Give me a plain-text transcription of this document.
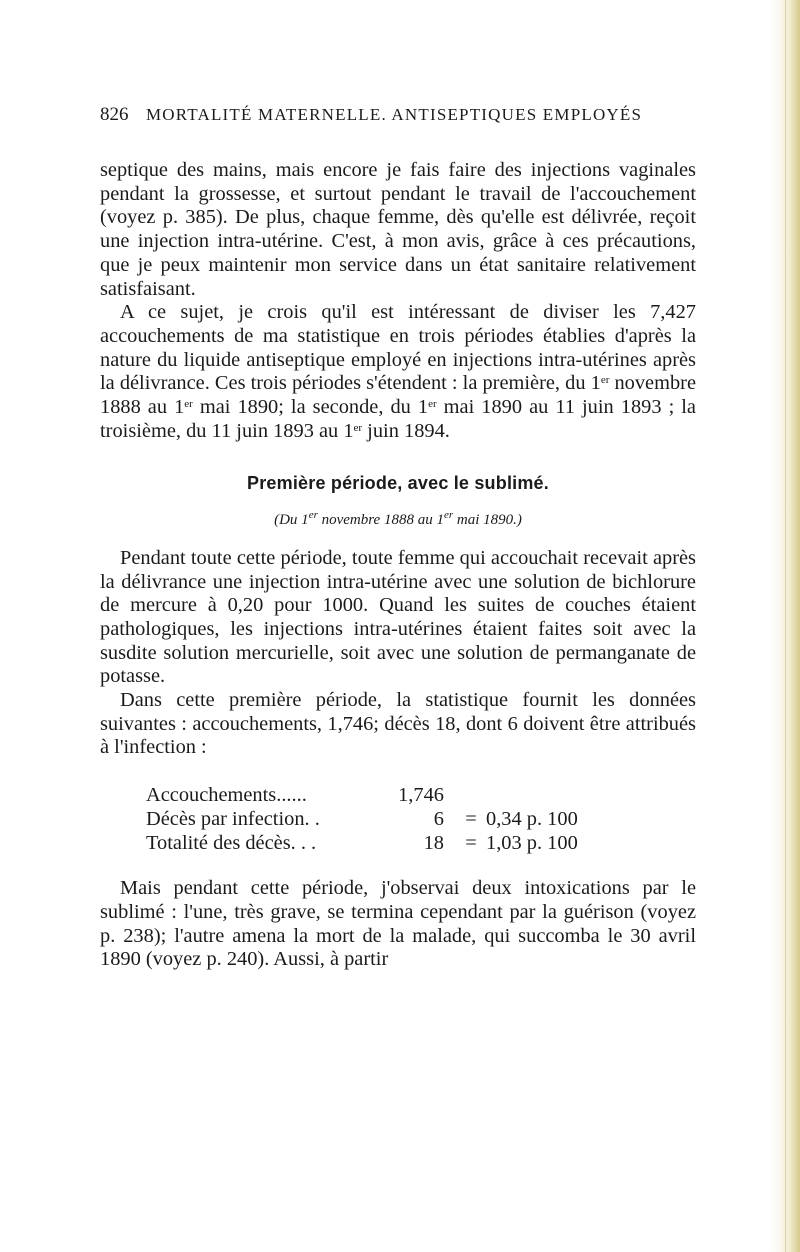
826 MORTALITÉ MATERNELLE. ANTISEPTIQUES EMPLOYÉS

septique des mains, mais encore je fais faire des injections vaginales pendant la grossesse, et surtout pendant le travail de l'accouchement (voyez p. 385). De plus, chaque femme, dès qu'elle est délivrée, reçoit une injection intra-utérine. C'est, à mon avis, grâce à ces précautions, que je peux maintenir mon service dans un état sanitaire relativement satisfaisant.

A ce sujet, je crois qu'il est intéressant de diviser les 7,427 accouchements de ma statistique en trois périodes établies d'après la nature du liquide antiseptique employé en injections intra-utérines après la délivrance. Ces trois périodes s'étendent : la première, du 1er novembre 1888 au 1er mai 1890; la seconde, du 1er mai 1890 au 11 juin 1893 ; la troisième, du 11 juin 1893 au 1er juin 1894.

Première période, avec le sublimé.

(Du 1er novembre 1888 au 1er mai 1890.)

Pendant toute cette période, toute femme qui accouchait recevait après la délivrance une injection intra-utérine avec une solution de bichlorure de mercure à 0,20 pour 1000. Quand les suites de couches étaient pathologiques, les injections intra-utérines étaient faites soit avec la susdite solution mercurielle, soit avec une solution de permanganate de potasse.

Dans cette première période, la statistique fournit les données suivantes : accouchements, 1,746; décès 18, dont 6 doivent être attribués à l'infection :

Accouchements......	1,746		
Décès par infection. .	6	=	0,34 p. 100
Totalité des décès. . .	18	=	1,03 p. 100

Mais pendant cette période, j'observai deux intoxications par le sublimé : l'une, très grave, se termina cependant par la guérison (voyez p. 238); l'autre amena la mort de la malade, qui succomba le 30 avril 1890 (voyez p. 240). Aussi, à partir
